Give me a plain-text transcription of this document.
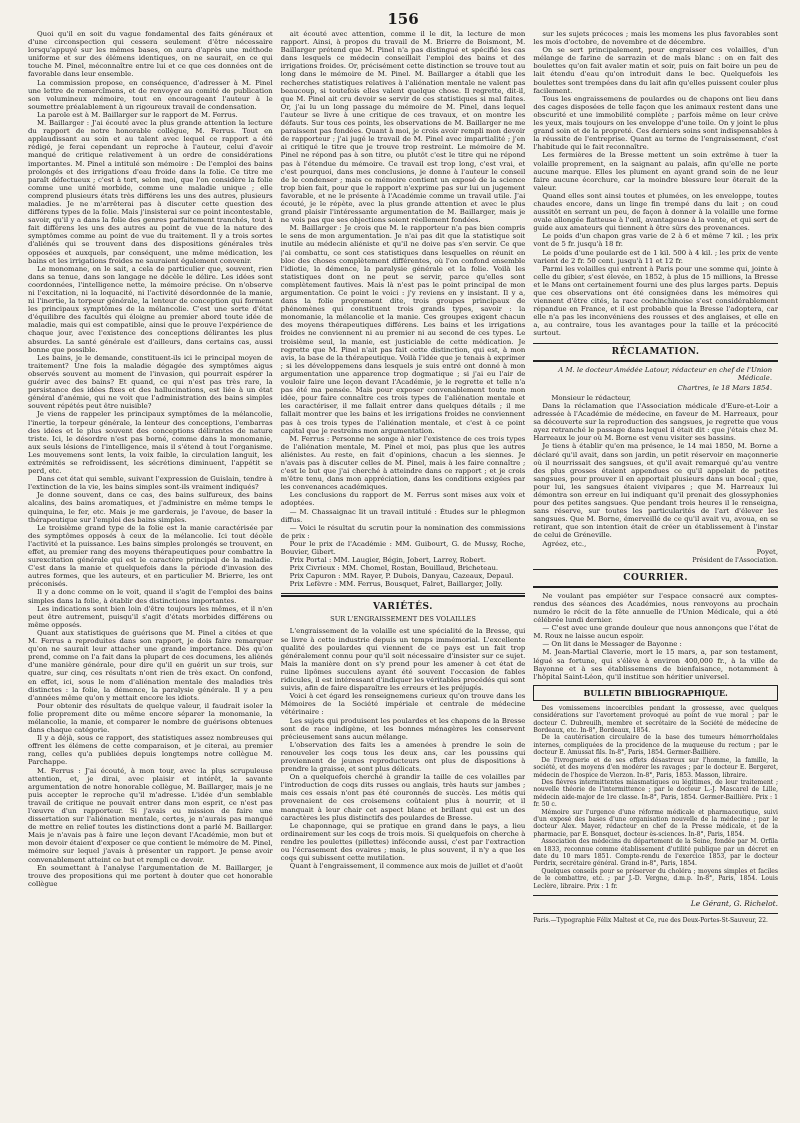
156

Quoi qu'il en soit du vague fondamental des faits généraux et d'une circonspection qui cessera seulement d'être nécessaire lorsqu'appuyé sur les mêmes bases, on aura d'après une méthode uniforme et sur des élémens identiques, on ne saurait, en ce qui touche M. Pinel, méconnaître entre lui et ce que ces données ont de favorable dans leur ensemble.

La commission propose, en conséquence, d'adresser à M. Pinel une lettre de remercîmens, et de renvoyer au comité de publication son volumineux mémoire, tout en encourageant l'auteur à le soumettre préalablement à un rigoureux travail de condensation.

La parole est à M. Baillarger sur le rapport de M. Ferrus.

M. Baillarger : J'ai écouté avec la plus grande attention la lecture du rapport de notre honorable collègue, M. Ferrus. Tout en applaudissant au soin et au talent avec lequel ce rapport a été rédigé, je ferai cependant un reproche à l'auteur, celui d'avoir manqué de critique relativement à un ordre de considérations importantes. M. Pinel a intitulé son mémoire : De l'emploi des bains prolongés et des irrigations d'eau froide dans la folie. Ce titre me paraît défectueux ; c'est à tort, selon moi, que l'on considère la folie comme une unité morbide, comme une maladie unique ; elle comprend plusieurs états très différens les uns des autres, plusieurs maladies. Je ne m'arrêterai pas à discuter cette question des différens types de la folie. Mais j'insisterai sur ce point incontestable, savoir, qu'il y a dans la folie des genres parfaitement tranchés, tout à fait différens les uns des autres au point de vue de la nature des symptômes comme au point de vue du traitement. Il y a trois sortes d'aliénés qui se trouvent dans des dispositions générales très opposées et auxquels, par conséquent, une même médication, les bains et les irrigations froides ne sauraient également convenir.

Le monomane, on le sait, a cela de particulier que, souvent, rien dans sa tenue, dans son langage ne décèle le délire. Les idées sont coordonnées, l'intelligence nette, la mémoire précise. On n'observe ni l'excitation, ni la loquacité, ni l'activité désordonnée de la manie, ni l'inertie, la torpeur générale, la lenteur de conception qui forment les principaux symptômes de la mélancolie. C'est une sorte d'état d'équilibre des facultés qui éloigne au premier abord toute idée de maladie, mais qui est compatible, ainsi que le prouve l'expérience de chaque jour, avec l'existence des conceptions délirantes les plus absurdes. La santé générale est d'ailleurs, dans certains cas, aussi bonne que possible.

Les bains, je le demande, constituent-ils ici le principal moyen de traitement? Une fois la maladie dégagée des symptômes aigus observés souvent au moment de l'invasion, qui pourrait espérer la guérir avec des bains? Et quand, ce qui n'est pas très rare, la persistance des idées fixes et des hallucinations, est liée à un état général d'anémie, qui ne voit que l'administration des bains simples souvent répétés peut être nuisible?

Je viens de rappeler les principaux symptômes de la mélancolie, l'inertie, la torpeur générale, la lenteur des conceptions, l'embarras des idées et le plus souvent des conceptions délirantes de nature triste. Ici, le désordre n'est pas borné, comme dans la monomanie, aux seuls lésions de l'intelligence, mais il s'étend à tout l'organisme. Les mouvemens sont lents, la voix faible, la circulation languit, les extrémités se refroidissent, les sécrétions diminuent, l'appétit se perd, etc.

Dans cet état qui semble, suivant l'expression de Guislain, tendre à l'extinction de la vie, les bains simples sont-ils vraiment indiqués?

Je donne souvent, dans ce cas, des bains sulfureux, des bains alcalins, des bains aromatiques, et j'administre en même temps le quinquina, le fer, etc. Mais je me garderais, je l'avoue, de baser la thérapeutique sur l'emploi des bains simples.

Le troisième grand type de la folie est la manie caractérisée par des symptômes opposés à ceux de la mélancolie. Ici tout décèle l'activité et la puissance. Les bains simples prolongés se trouvent, en effet, au premier rang des moyens thérapeutiques pour combattre la surexcitation générale qui est le caractère principal de la maladie. C'est dans la manie et quelquefois dans la période d'invasion des autres formes, que les auteurs, et en particulier M. Brierre, les ont préconisés.

Il y a donc comme on le voit, quand il s'agit de l'emploi des bains simples dans la folie, à établir des distinctions importantes.

Les indications sont bien loin d'être toujours les mêmes, et il n'en peut être autrement, puisqu'il s'agit d'états morbides différens ou même opposés.

Quant aux statistiques de guérisons que M. Pinel a citées et que M. Ferrus a reproduites dans son rapport, je dois faire remarquer qu'on ne saurait leur attacher une grande importance. Dès qu'on prend, comme on l'a fait dans la plupart de ces documens, les aliénés d'une manière générale, pour dire qu'il en guérit un sur trois, sur quatre, sur cinq, ces résultats n'ont rien de très exact. On confond, en effet, ici, sous le nom d'aliénation mentale des maladies très distinctes : la folie, la démence, la paralysie générale. Il y a peu d'années même qu'on y mettait encore les idiots.

Pour obtenir des résultats de quelque valeur, il faudrait isoler la folie proprement dite ou même encore séparer la monomanie, la mélancolie, la manie, et comparer le nombre de guérisons obtenues dans chaque catégorie.

Il y a déjà, sous ce rapport, des statistiques assez nombreuses qui offrent les élémens de cette comparaison, et je citerai, au premier rang, celles qu'a publiées depuis longtemps notre collègue M. Parchappe.

M. Ferrus : J'ai écouté, à mon tour, avec la plus scrupuleuse attention, et, je dirai, avec plaisir et intérêt, la savante argumentation de notre honorable collègue, M. Baillarger, mais je ne puis accepter le reproche qu'il m'adresse. L'idée d'un semblable travail de critique ne pouvait entrer dans mon esprit, ce n'est pas l'œuvre d'un rapporteur. Si j'avais eu mission de faire une dissertation sur l'aliénation mentale, certes, je n'aurais pas manqué de mettre en relief toutes les distinctions dont a parlé M. Baillarger. Mais je n'avais pas à faire une leçon devant l'Académie, mon but et mon devoir étaient d'exposer ce que contient le mémoire de M. Pinel, mémoire sur lequel j'avais à présenter un rapport. Je pense avoir convenablement atteint ce but et rempli ce devoir.

En soumettant à l'analyse l'argumentation de M. Baillarger, je trouve des propositions qui me portent à douter que cet honorable collègue

ait écouté avec attention, comme il le dit, la lecture de mon rapport. Ainsi, à propos du travail de M. Brierre de Boismont, M. Baillarger prétend que M. Pinel n'a pas distingué et spécifié les cas dans lesquels ce médecin conseillait l'emploi des bains et des irrigations froides. Or, précisément cette distinction se trouve tout au long dans le mémoire de M. Pinel. M. Baillarger a établi que les recherches statistiques relatives à l'aliénation mentale ne valent pas beaucoup, si toutefois elles valent quelque chose. Il regrette, dit-il, que M. Pinel ait cru devoir se servir de ces statistiques si mal faites. Or, j'ai lu un long passage du mémoire de M. Pinel, dans lequel l'auteur se livre à une critique de ces travaux, et on montre les défauts. Sur tous ces points, les observations de M. Baillarger ne me paraissent pas fondées. Quant à moi, je crois avoir rempli mon devoir de rapporteur ; j'ai jugé le travail de M. Pinel avec impartialité ; j'en ai critiqué le titre que je trouve trop restreint. Le mémoire de M. Pinel ne répond pas à son titre, ou plutôt c'est le titre qui ne répond pas à l'étendue du mémoire. Ce travail est trop long, c'est vrai, et c'est pourquoi, dans mes conclusions, je donne à l'auteur le conseil de le condenser ; mais ce mémoire contient un exposé de la science trop bien fait, pour que le rapport n'exprime pas sur lui un jugement favorable, et ne le présente à l'Académie comme un travail utile. J'ai écouté, je le répète, avec la plus grande attention et avec le plus grand plaisir l'intéressante argumentation de M. Baillarger, mais je ne vois pas que ses objections soient réellement fondées.

M. Baillarger : Je crois que M. le rapporteur n'a pas bien compris le sens de mon argumentation. Je n'ai pas dit que la statistique soit inutile au médecin aliéniste et qu'il ne doive pas s'en servir. Ce que j'ai combattu, ce sont ces statistiques dans lesquelles on réunit en bloc des choses complètement différentes, où l'on confond ensemble l'idiotie, la démence, la paralysie générale et la folie. Voilà les statistiques dont on ne peut se servir, parce qu'elles sont complètement fautives. Mais là n'est pas le point principal de mon argumentation. Ce point le voici : j'y reviens en y insistant. Il y a, dans la folie proprement dite, trois groupes principaux de phénomènes qui constituent trois grands types, savoir : la monomanie, la mélancolie et la manie. Ces groupes exigent chacun des moyens thérapeutiques différens. Les bains et les irrigations froides ne conviennent ni au premier ni au second de ces types. Le troisième seul, la manie, est justiciable de cette médication. Je regrette que M. Pinel n'ait pas fait cette distinction, qui est, à mon avis, la base de la thérapeutique. Voilà l'idée que je tenais à exprimer ; si les développemens dans lesquels je suis entré ont donné à mon argumentation une apparence trop dogmatique ; si j'ai eu l'air de vouloir faire une leçon devant l'Académie, je le regrette et telle n'a pas été ma pensée. Mais pour exposer convenablement toute mon idée, pour faire connaître ces trois types de l'aliénation mentale et les caractériser, il me fallait entrer dans quelques détails ; il me fallait montrer que les bains et les irrigations froides ne conviennent pas à ces trois types de l'aliénation mentale, et c'est à ce point capital que je restreins mon argumentation.

M. Ferrus : Personne ne songe à nier l'existence de ces trois types de l'aliénation mentale, M. Pinel et moi, pas plus que les autres aliénistes. Au reste, en fait d'opinions, chacun a les siennes. Je n'avais pas à discuter celles de M. Pinel, mais à les faire connaître ; c'est le but que j'ai cherché à atteindre dans ce rapport ; et je crois m'être tenu, dans mon appréciation, dans les conditions exigées par les convenances académiques.

Les conclusions du rapport de M. Ferrus sont mises aux voix et adoptées.

— M. Chassaignac lit un travail intitulé : Études sur le phlegmon diffus.

— Voici le résultat du scrutin pour la nomination des commissions de prix :

Pour le prix de l'Académie : MM. Guibourt, G. de Mussy, Roche, Bouvier, Gibert.

Prix Portal : MM. Laugier, Bégin, Jobert, Larrey, Robert.

Prix Civrieux : MM. Chomel, Rostan, Bouillaud, Bricheteau.

Prix Capuron : MM. Rayer, P. Dubois, Danyau, Cazeaux, Depaul.

Prix Lefèvre : MM. Ferrus, Bousquet, Falret, Baillarger, Jolly.

VARIÉTÉS.
SUR L'ENGRAISSEMENT DES VOLAILLES

L'engraissement de la volaille est une spécialité de la Bresse, qui se livre à cette industrie depuis un temps immémorial. L'excellente qualité des poulardes qui viennent de ce pays est un fait trop généralement connu pour qu'il soit nécessaire d'insister sur ce sujet. Mais la manière dont on s'y prend pour les amener à cet état de ruine lipômes succulens ayant été souvent l'occasion de fables ridicules, il est intéressant d'indiquer les véritables procédés qui sont suivis, afin de faire disparaître les erreurs et les préjugés.

Voici à cet égard les renseignemens curieux qu'on trouve dans les Mémoires de la Société impériale et centrale de médecine vétérinaire :

Les sujets qui produisent les poulardes et les chapons de la Bresse sont de race indigène, et les bonnes ménagères les conservent précieusement sans aucun mélange.

L'observation des faits les a amenées à prendre le soin de renouveler les coqs tous les deux ans, car les poussins qui proviennent de jeunes reproducteurs ont plus de dispositions à prendre la graisse, et sont plus délicats.

On a quelquefois cherché à grandir la taille de ces volailles par l'introduction de coqs dits russes ou anglais, très hauts sur jambes ; mais ces essais n'ont pas été couronnés de succès. Les métis qui provenaient de ces croisemens coûtaient plus à nourrir, et il manquait à leur chair cet aspect blanc et brillant qui est un des caractères les plus distinctifs des poulardes de Bresse.

Le chaponnage, qui se pratique en grand dans le pays, a lieu ordinairement sur les coqs de trois mois. Si quelquefois on cherche à rendre les poulettes (pillettes) inféconde aussi, c'est par l'extraction ou l'écrasement des ovaires ; mais, le plus souvent, il n'y a que les coqs qui subissent cette mutilation.

Quant à l'engraissement, il commence aux mois de juillet et d'août

sur les sujets précoces ; mais les momens les plus favorables sont les mois d'octobre, de novembre et de décembre.

On se sert principalement, pour engraisser ces volailles, d'un mélange de farine de sarrazin et de maïs blanc : on en fait des boulettes qu'on fait avaler matin et soir, puis on fait boire un peu de lait étendu d'eau qu'on introduit dans le bec. Quelquefois les boulettes sont trempées dans du lait afin qu'elles puissent couler plus facilement.

Tous les engraissemens de poulardes ou de chapons ont lieu dans des cages disposées de telle façon que les animaux restent dans une obscurité et une immobilité complète ; parfois même on leur crève les yeux, mais toujours on les enveloppe d'une toile. On y joint le plus grand soin et de la propreté. Ces derniers soins sont indispensables à la réussite de l'entreprise. Quant au terme de l'engraissement, c'est l'habitude qui le fait reconnaître.

Les fermières de la Bresse mettent un soin extrême à tuer la volaille proprement, en la saignant au palais, afin qu'elle ne porte aucune marque. Elles les plument en ayant grand soin de ne leur faire aucune écorchure, car la moindre blessure leur ôterait de la valeur.

Quand elles sont ainsi toutes et plumées, on les enveloppe, toutes chaudes encore, dans un linge fin trempé dans du lait ; on coud aussitôt en serrant un peu, de façon à donner à la volaille une forme ovale allongée flatteuse à l'œil, avantageuse à la vente, et qui sert de guide aux amateurs qui tiennent à être sûrs des provenances.

Le poids d'un chapon gras varie de 2 à 6 et même 7 kil. ; les prix vont de 5 fr. jusqu'à 18 fr.

Le poids d'une poularde est de 1 kil. 500 à 4 kil. ; les prix de vente varient de 2 fr. 50 cent. jusqu'à 11 et 12 fr.

Parmi les volailles qui entrent à Paris pour une somme qui, jointe à celle du gibier, s'est élevée, en 1852, à plus de 15 millions, la Bresse et le Mans ont certainement fourni une des plus larges parts. Depuis que ces observations ont été consignées dans les mémoires qui viennent d'être cités, la race cochinchinoise s'est considérablement répandue en France, et il est probable que la Bresse l'adoptera, car elle n'a pas les inconvéniens des rousses et des anglaises, et elle en a, au contraire, tous les avantages pour la taille et la précocité surtout.

RÉCLAMATION.
A M. le docteur Amédée Latour, rédacteur en chef de l'Union Médicale.
Chartres, le 18 Mars 1854.

Monsieur le rédacteur,

Dans la réclamation que l'Association médicale d'Eure-et-Loir a adressée à l'Académie de médecine, en faveur de M. Harreaux, pour sa découverte sur la reproduction des sangsues, je regrette que vous ayez retranché le passage dans lequel il était dit : que j'étais chez M. Harreaux le jour où M. Borne est venu visiter ses bassins.

Je tiens à établir qu'en ma présence, le 14 mai 1850, M. Borne a déclaré qu'il avait, dans son jardin, un petit réservoir en maçonnerie où il nourrissait des sangsues, et qu'il avait remarqué qu'au ventre des plus grosses étaient appendues ce qu'il appelait de petites sangsues, pour prouver il en apportait plusieurs dans un bocal ; que, pour lui, les sangsues étaient vivipares ; que M. Harreaux lui démontra son erreur en lui indiquant qu'il prenait des glossyphonies pour des petites sangsues. Que pendant trois heures il le renseigna, sans réserve, sur toutes les particularités de l'art d'élever les sangsues. Que M. Borne, émerveillé de ce qu'il avait vu, avoua, en se retirant, que son intention était de créer un établissement à l'instar de celui de Gréneville.

Agréez, etc.,

Poyet,
Président de l'Association.
COURRIER.

Ne voulant pas empiéter sur l'espace consacré aux comptes-rendus des séances des Académies, nous renvoyons au prochain numéro le récit de la fête annuelle de l'Union Médicale, qui a été célébrée lundi dernier.

— C'est avec une grande douleur que nous annonçons que l'état de M. Roux ne laisse aucun espoir.

— On lit dans le Messager de Bayonne :

M. Jean-Martial Claverie, mort le 15 mars, a, par son testament, légué sa fortune, qui s'élève à environ 400,000 fr., à la ville de Bayonne et à ses établissemens de bienfaisance, notamment à l'hôpital Saint-Léon, qu'il institue son héritier universel.

BULLETIN BIBLIOGRAPHIQUE.

Des vomissemens incoercibles pendant la grossesse, avec quelques considérations sur l'avortement provoqué au point de vue moral ; par le docteur C. Dubreuilh, membre et secrétaire de la Société de médecine de Bordeaux, etc. In-8°, Bordeaux, 1854.

De la cautérisation circulaire de la base des tumeurs hémorrhoïdales internes, compliquées de la procidence de la muqueuse du rectum ; par le docteur E. Amussat fils. In-8°, Paris, 1854. Germer-Baillière.

De l'ivrognerie et de ses effets désastreux sur l'homme, la famille, la société, et des moyens d'en modérer les ravages ; par le docteur E. Bergeret, médecin de l'hospice de Vierzon. In-8°, Paris, 1853. Masson, libraire.

Des fièvres intermittentes miasmatiques ou légitimes, de leur traitement ; nouvelle théorie de l'intermittence ; par le docteur L.-J. Mascarel de Lille, médecin aide-major de 1re classe. In-8°, Paris, 1854. Germer-Baillière. Prix : 1 fr. 50 c.

Mémoire sur l'urgence d'une réforme médicale et pharmaceutique, suivi d'un exposé des bases d'une organisation nouvelle de la médecine ; par le docteur Alex. Mayer, rédacteur en chef de la Presse médicale, et de la pharmacie, par E. Bonsquet, docteur ès-sciences. In-8°, Paris, 1854.

Association des médecins du département de la Seine, fondée par M. Orfila en 1833, reconnue comme établissement d'utilité publique par un décret en date du 10 mars 1851. Compte-rendu de l'exercice 1853, par le docteur Perdrix, secrétaire général. Grand in-8°, Paris, 1854.

Quelques conseils pour se préserver du choléra ; moyens simples et faciles de le combattre, etc. ; par J.-D. Vergne, d.m.p. In-8°, Paris, 1854. Louis Leclère, libraire. Prix : 1 fr.

Le Gérant, G. Richelot.
Paris.—Typographie Félix Maltest et Ce, rue des Deux-Portes-St-Sauveur, 22.
